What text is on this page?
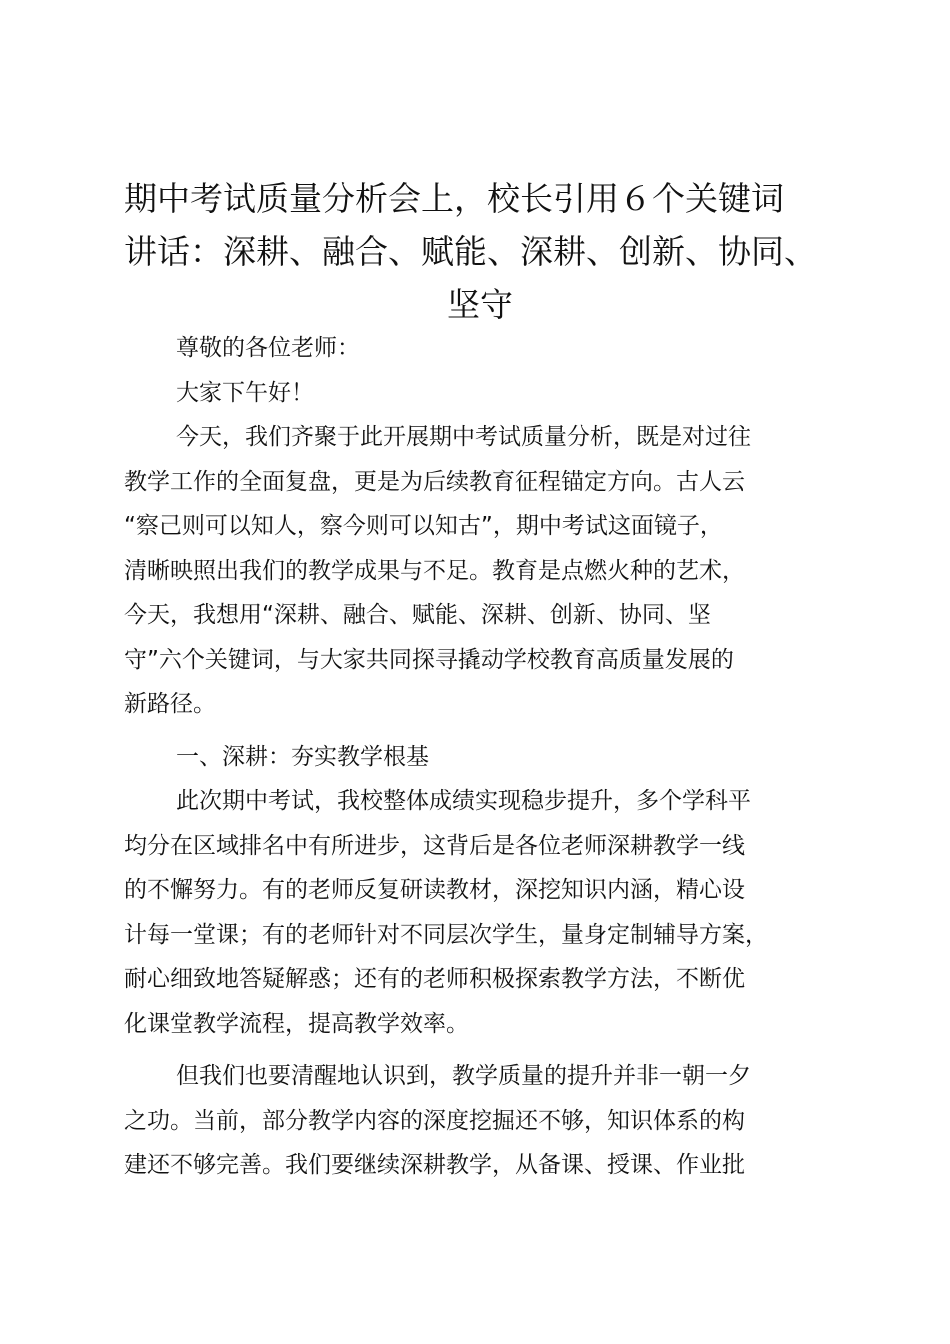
期中考试质量分析会上，校长引用６个关键词
讲话：深耕、融合、赋能、深耕、创新、协同、
坚守

尊敬的各位老师：

大家下午好！

今天，我们齐聚于此开展期中考试质量分析，既是对过往
教学工作的全面复盘，更是为后续教育征程锚定方向。古人云
“察己则可以知人，察今则可以知古”，期中考试这面镜子，
清晰映照出我们的教学成果与不足。教育是点燃火种的艺术，
今天，我想用“深耕、融合、赋能、深耕、创新、协同、坚
守”六个关键词，与大家共同探寻撬动学校教育高质量发展的
新路径。

一、深耕：夯实教学根基

此次期中考试，我校整体成绩实现稳步提升，多个学科平
均分在区域排名中有所进步，这背后是各位老师深耕教学一线
的不懈努力。有的老师反复研读教材，深挖知识内涵，精心设
计每一堂课；有的老师针对不同层次学生，量身定制辅导方案，
耐心细致地答疑解惑；还有的老师积极探索教学方法，不断优
化课堂教学流程，提高教学效率。

但我们也要清醒地认识到，教学质量的提升并非一朝一夕
之功。当前，部分教学内容的深度挖掘还不够，知识体系的构
建还不够完善。我们要继续深耕教学，从备课、授课、作业批
